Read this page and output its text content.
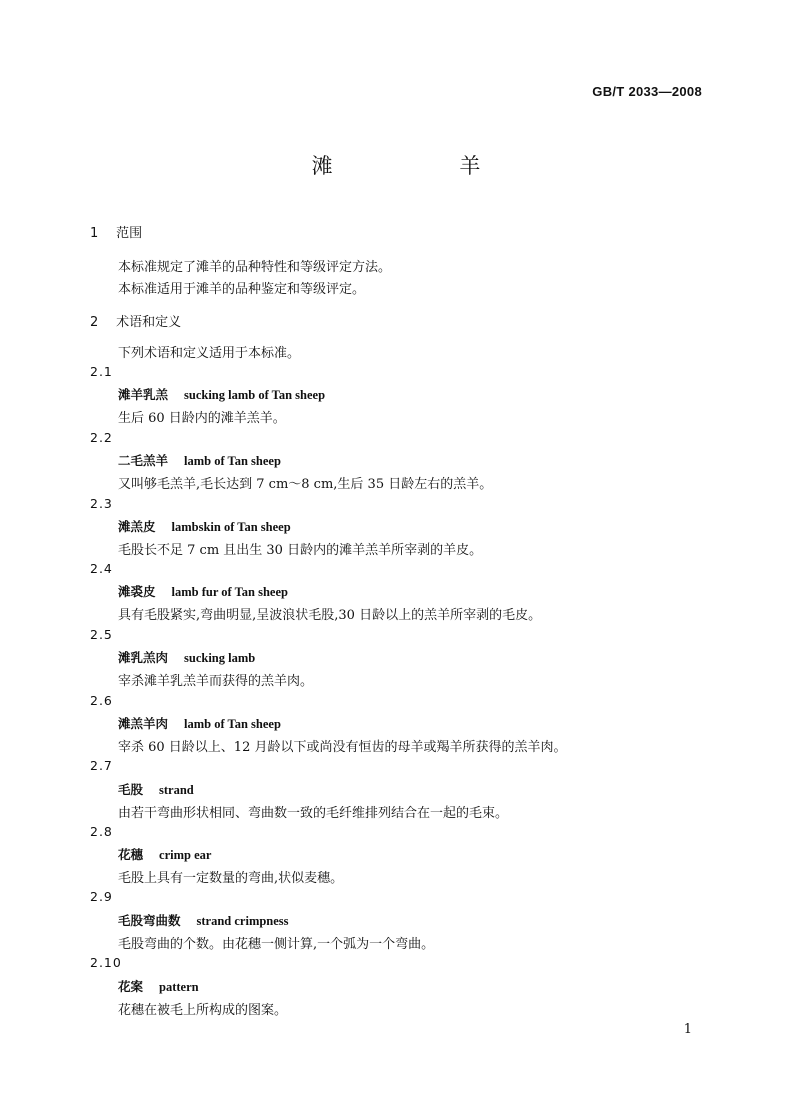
GB/T 2033—2008
滩 羊
1 范围
本标准规定了滩羊的品种特性和等级评定方法。
本标准适用于滩羊的品种鉴定和等级评定。
2 术语和定义
下列术语和定义适用于本标准。
2.1
滩羊乳羔 sucking lamb of Tan sheep
生后 60 日龄内的滩羊羔羊。
2.2
二毛羔羊 lamb of Tan sheep
又叫够毛羔羊,毛长达到 7 cm～8 cm,生后 35 日龄左右的羔羊。
2.3
滩羔皮 lambskin of Tan sheep
毛股长不足 7 cm 且出生 30 日龄内的滩羊羔羊所宰剥的羊皮。
2.4
滩裘皮 lamb fur of Tan sheep
具有毛股紧实,弯曲明显,呈波浪状毛股,30 日龄以上的羔羊所宰剥的毛皮。
2.5
滩乳羔肉 sucking lamb
宰杀滩羊乳羔羊而获得的羔羊肉。
2.6
滩羔羊肉 lamb of Tan sheep
宰杀 60 日龄以上、12 月龄以下或尚没有恒齿的母羊或羯羊所获得的羔羊肉。
2.7
毛股 strand
由若干弯曲形状相同、弯曲数一致的毛纤维排列结合在一起的毛束。
2.8
花穗 crimp ear
毛股上具有一定数量的弯曲,状似麦穗。
2.9
毛股弯曲数 strand crimpness
毛股弯曲的个数。由花穗一侧计算,一个弧为一个弯曲。
2.10
花案 pattern
花穗在被毛上所构成的图案。
1
